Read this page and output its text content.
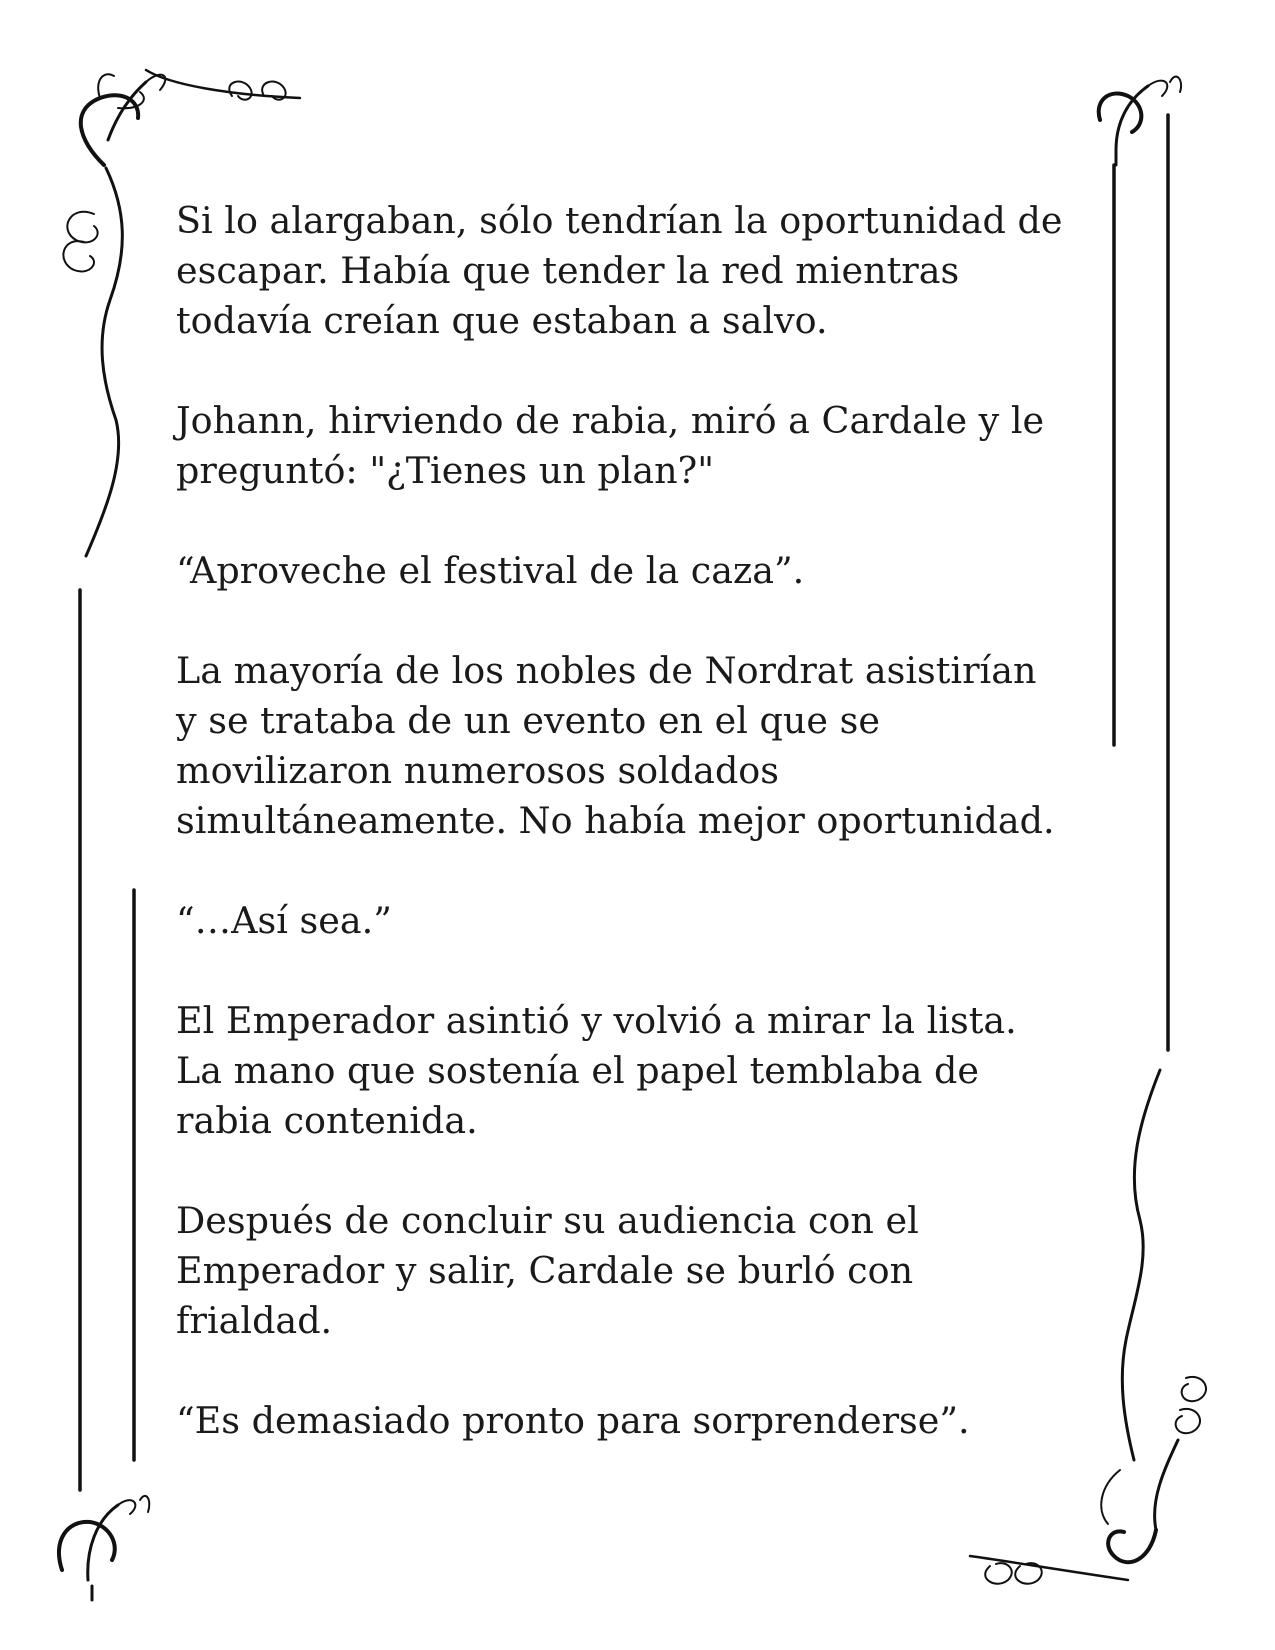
Si lo alargaban, sólo tendrían la oportunidad de
escapar. Había que tender la red mientras
todavía creían que estaban a salvo.

Johann, hirviendo de rabia, miró a Cardale y le
preguntó: "¿Tienes un plan?"

“Aproveche el festival de la caza”.

La mayoría de los nobles de Nordrat asistirían
y se trataba de un evento en el que se
movilizaron numerosos soldados
simultáneamente. No había mejor oportunidad.

“…Así sea.”

El Emperador asintió y volvió a mirar la lista.
La mano que sostenía el papel temblaba de
rabia contenida.

Después de concluir su audiencia con el
Emperador y salir, Cardale se burló con
frialdad.

“Es demasiado pronto para sorprenderse”.
